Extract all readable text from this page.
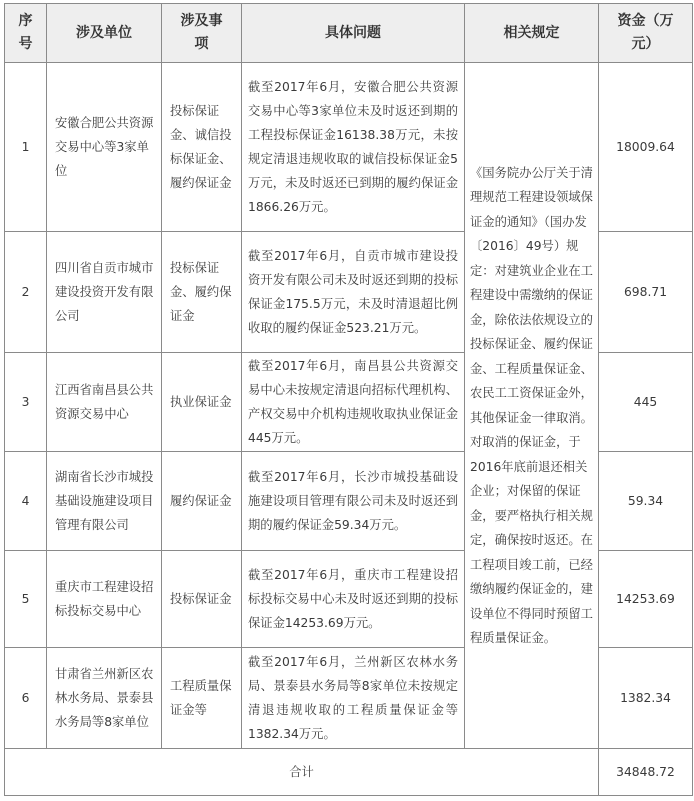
序号	涉及单位	涉及事项	具体问题	相关规定	资金（万元）
1	安徽合肥公共资源交易中心等3家单位	投标保证金、诚信投标保证金、履约保证金	截至2017年6月，安徽合肥公共资源交易中心等3家单位未及时返还到期的工程投标保证金16138.38万元，未按规定清退违规收取的诚信投标保证金5万元，未及时返还已到期的履约保证金1866.26万元。	《国务院办公厅关于清理规范工程建设领域保证金的通知》（国办发〔2016〕49号）规定：对建筑业企业在工程建设中需缴纳的保证金，除依法依规设立的投标保证金、履约保证金、工程质量保证金、农民工工资保证金外，其他保证金一律取消。对取消的保证金，于2016年底前退还相关企业；对保留的保证金，要严格执行相关规定，确保按时返还。在工程项目竣工前，已经缴纳履约保证金的，建设单位不得同时预留工程质量保证金。	18009.64
2	四川省自贡市城市建设投资开发有限公司	投标保证金、履约保证金	截至2017年6月，自贡市城市建设投资开发有限公司未及时返还到期的投标保证金175.5万元，未及时清退超比例收取的履约保证金523.21万元。		698.71
3	江西省南昌县公共资源交易中心	执业保证金	截至2017年6月，南昌县公共资源交易中心未按规定清退向招标代理机构、产权交易中介机构违规收取执业保证金445万元。		445
4	湖南省长沙市城投基础设施建设项目管理有限公司	履约保证金	截至2017年6月，长沙市城投基础设施建设项目管理有限公司未及时返还到期的履约保证金59.34万元。		59.34
5	重庆市工程建设招标投标交易中心	投标保证金	截至2017年6月，重庆市工程建设招标投标交易中心未及时返还到期的投标保证金14253.69万元。		14253.69
6	甘肃省兰州新区农林水务局、景泰县水务局等8家单位	工程质量保证金等	截至2017年6月，兰州新区农林水务局、景泰县水务局等8家单位未按规定清退违规收取的工程质量保证金等1382.34万元。		1382.34
合计					34848.72
